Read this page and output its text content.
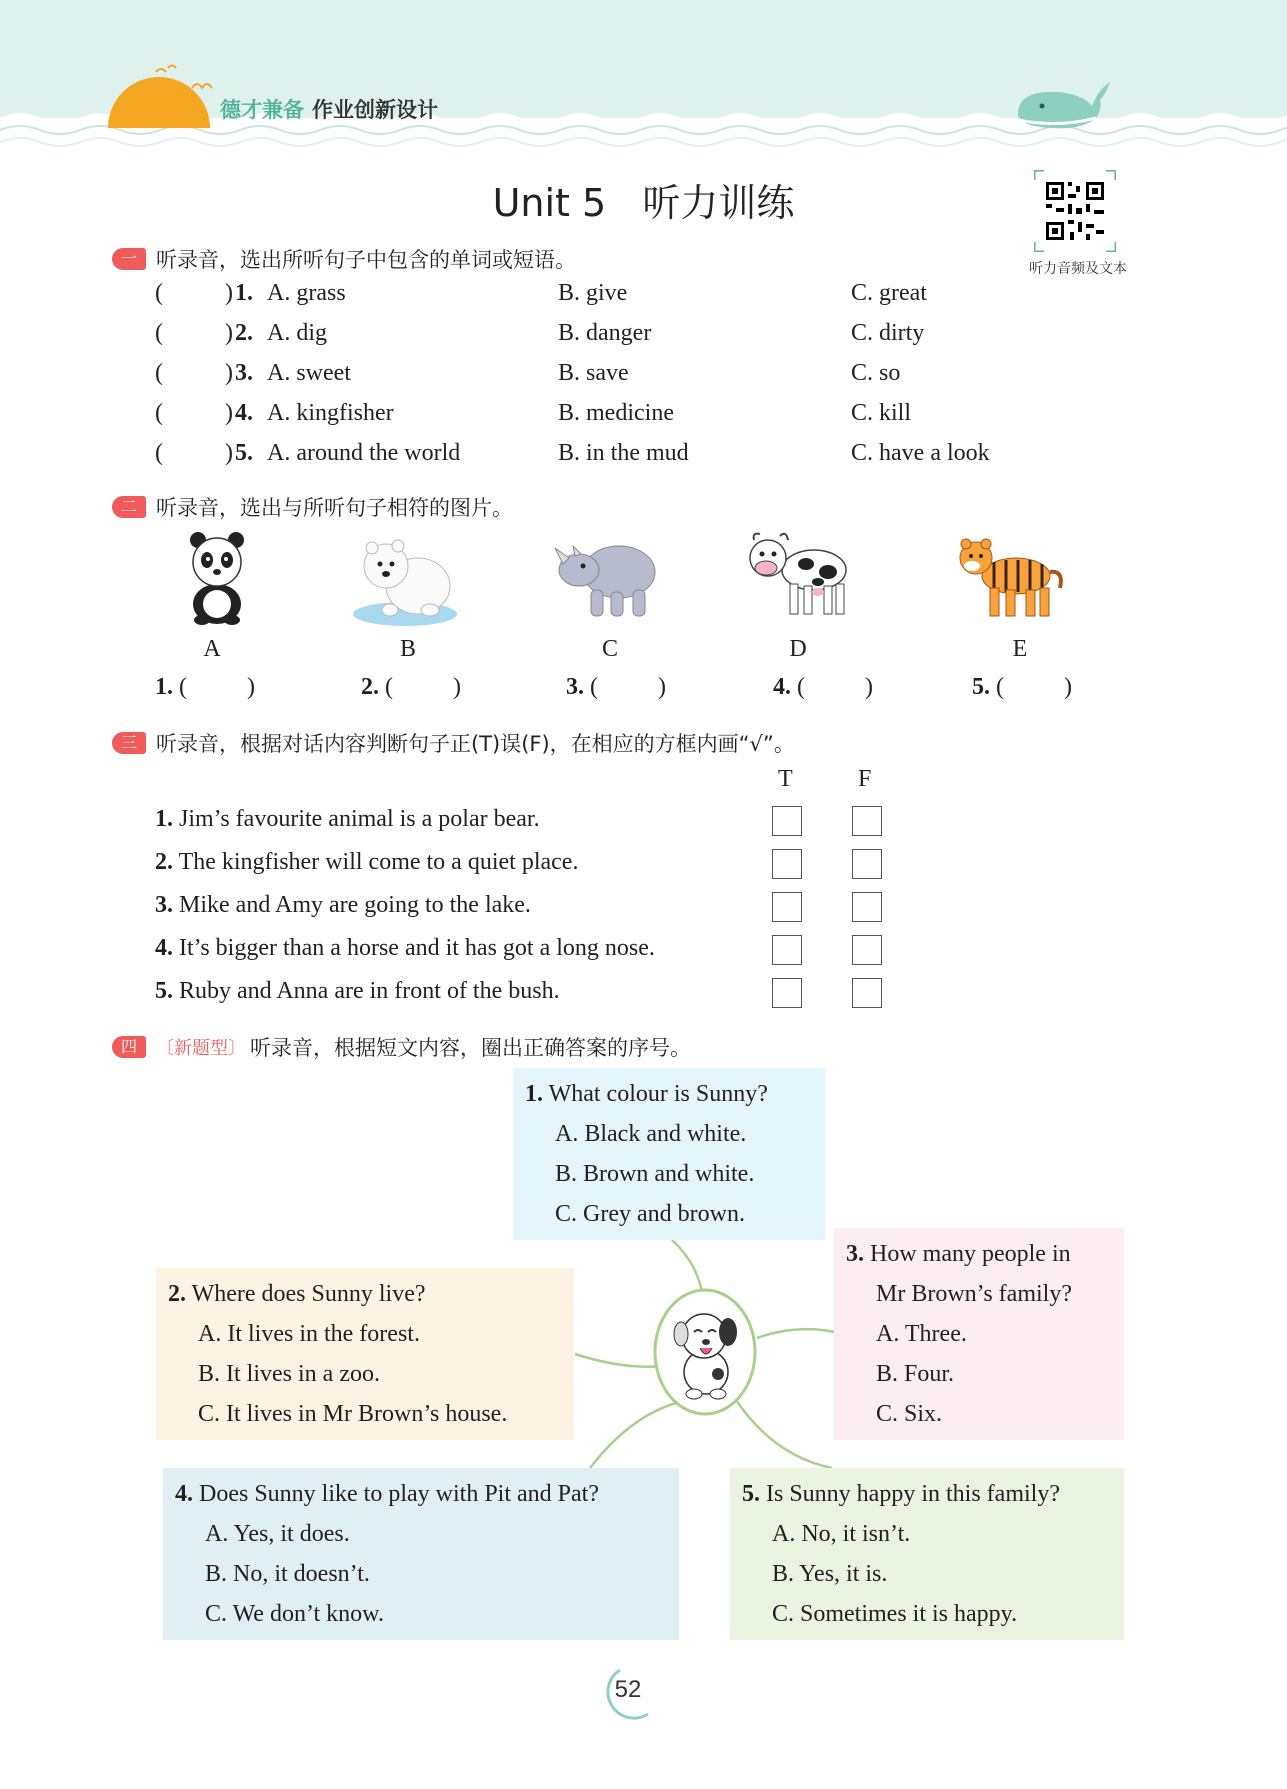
德才兼备 作业创新设计
Unit 5   听力训练
听力音频及文本
一 听录音，选出所听句子中包含的单词或短语。
(	) 1. A. grass	B. give	C. great
(	) 2. A. dig	B. danger	C. dirty
(	) 3. A. sweet	B. save	C. so
(	) 4. A. kingfisher	B. medicine	C. kill
(	) 5. A. around the world	B. in the mud	C. have a look
二 听录音，选出与所听句子相符的图片。
A	B	C	D	E
1. (          )	2. (          )	3. (          )	4. (          )	5. (          )
三 听录音，根据对话内容判断句子正(T)误(F)，在相应的方框内画“√”。
T	F
1. Jim’s favourite animal is a polar bear.
2. The kingfisher will come to a quiet place.
3. Mike and Amy are going to the lake.
4. It’s bigger than a horse and it has got a long nose.
5. Ruby and Anna are in front of the bush.
四	〔新题型〕 听录音，根据短文内容，圈出正确答案的序号。
1. What colour is Sunny?
A. Black and white.
B. Brown and white.
C. Grey and brown.
2. Where does Sunny live?
A. It lives in the forest.
B. It lives in a zoo.
C. It lives in Mr Brown’s house.
3. How many people in
Mr Brown’s family?
A. Three.
B. Four.
C. Six.
4. Does Sunny like to play with Pit and Pat?
A. Yes, it does.
B. No, it doesn’t.
C. We don’t know.
5. Is Sunny happy in this family?
A. No, it isn’t.
B. Yes, it is.
C. Sometimes it is happy.
52
